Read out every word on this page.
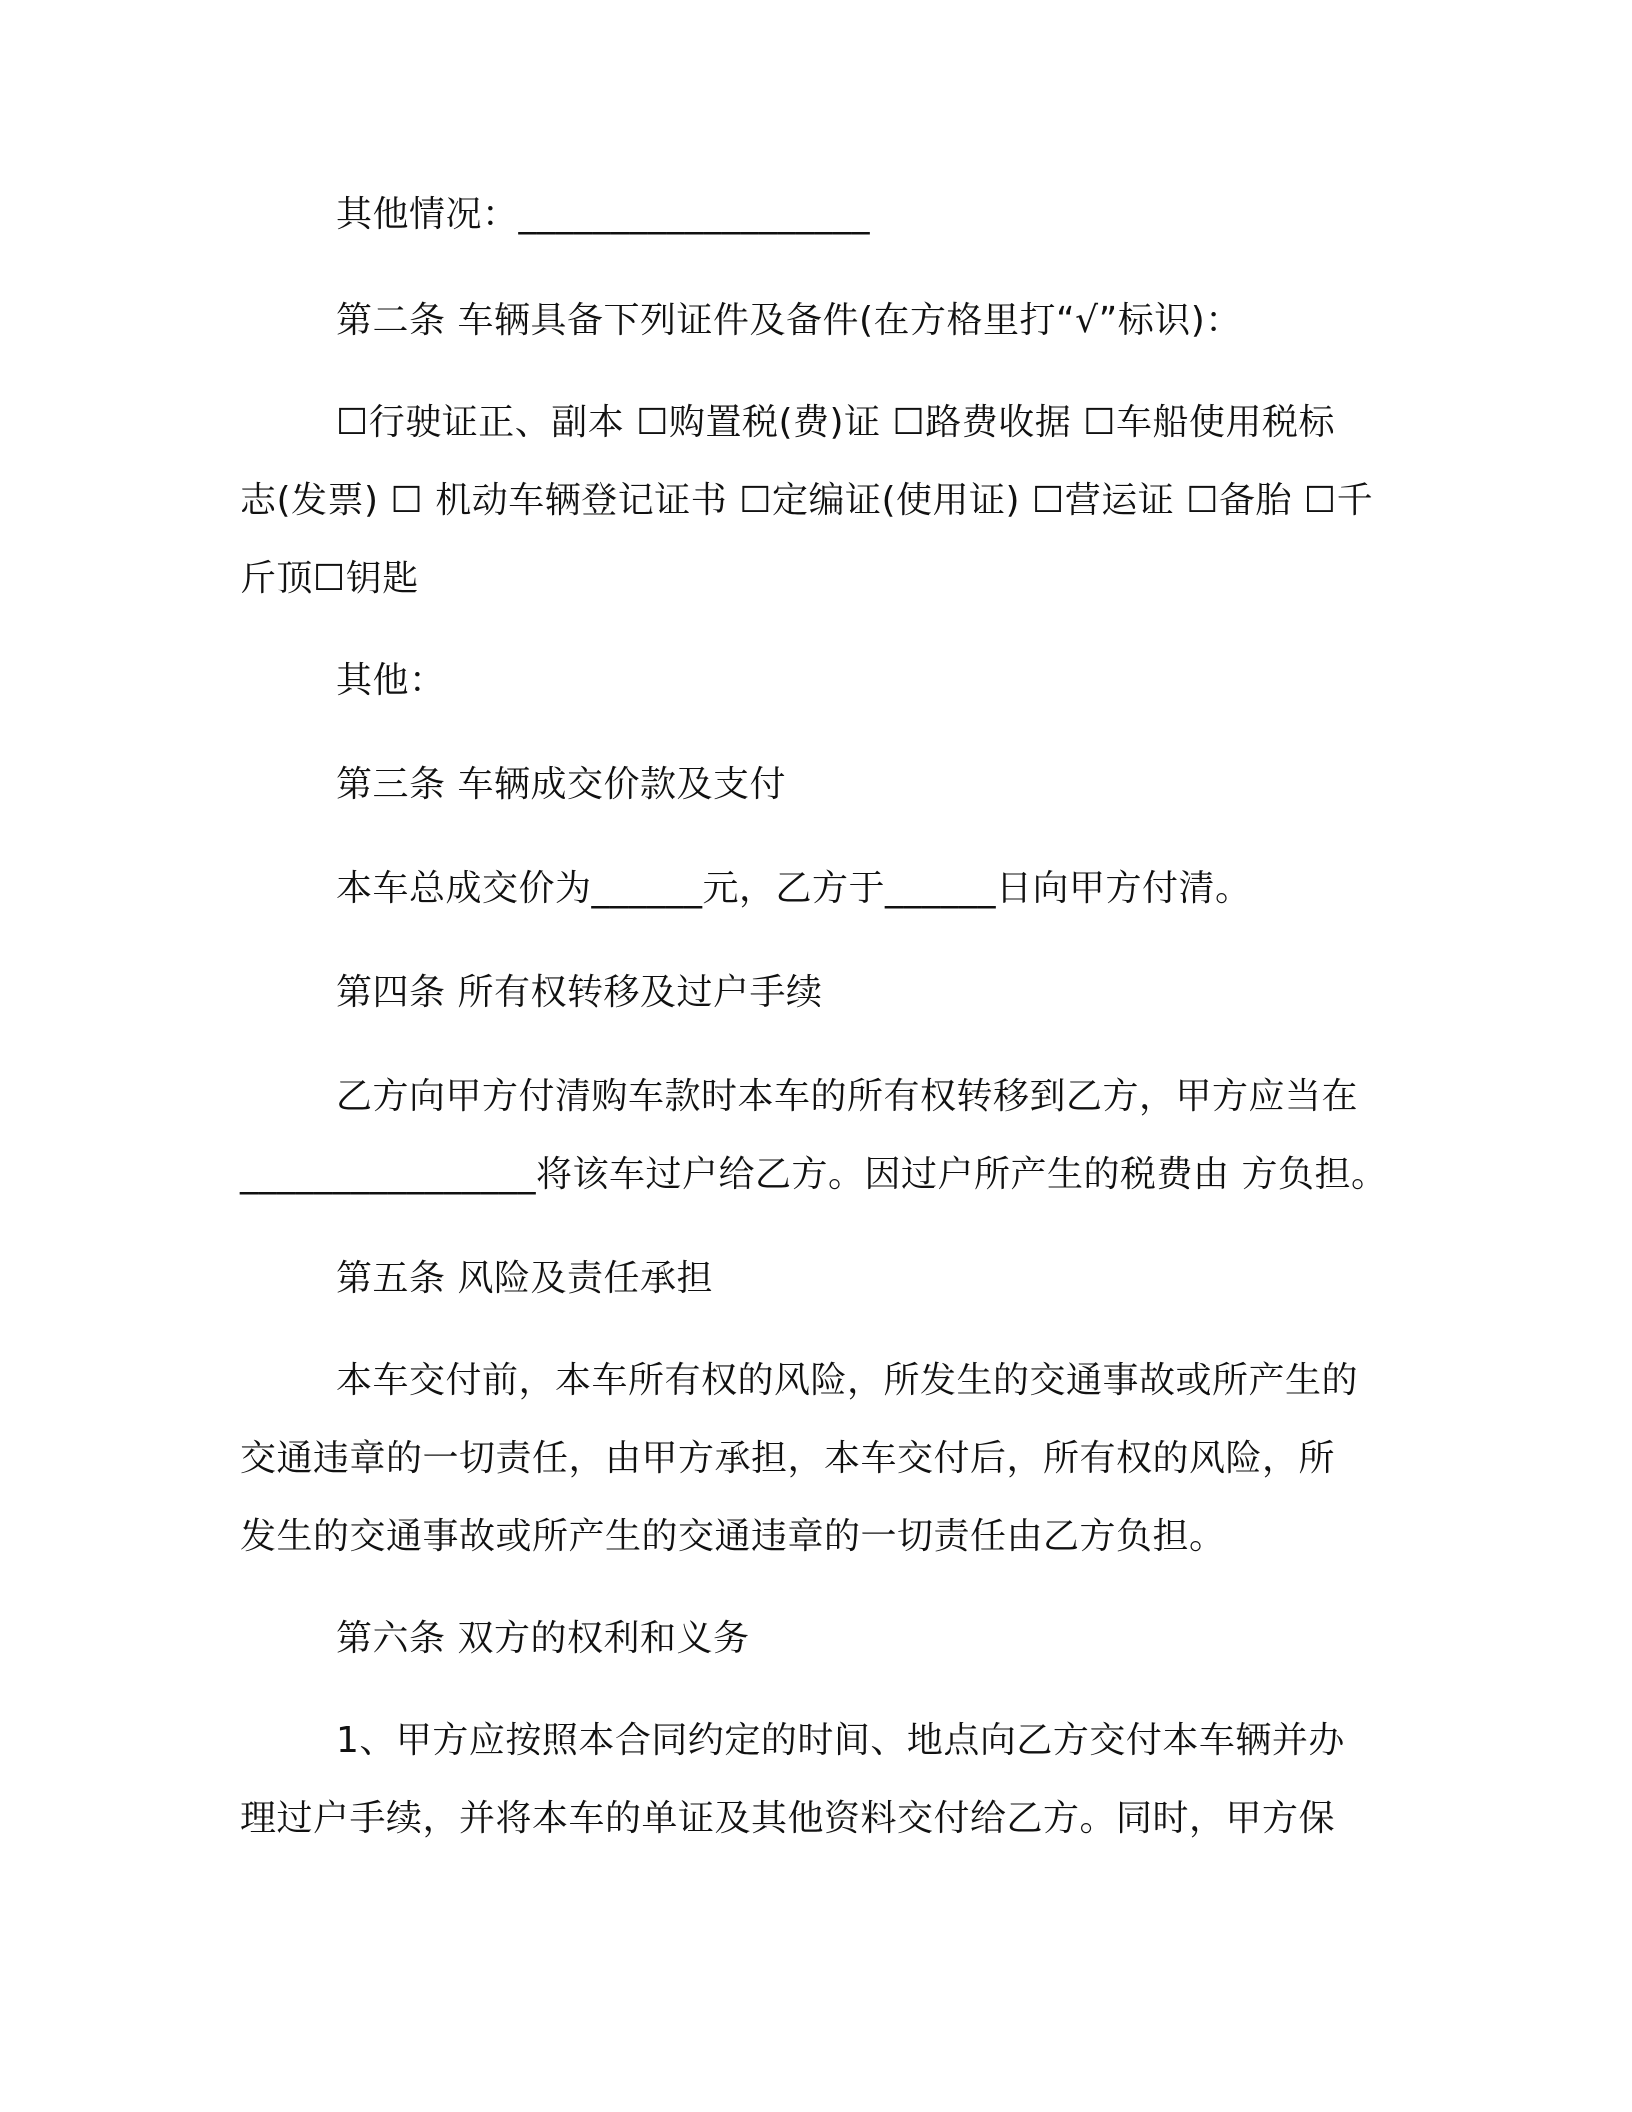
其他情况：___________________
第二条 车辆具备下列证件及备件(在方格里打“√”标识)：
☐行驶证正、副本 ☐购置税(费)证 ☐路费收据 ☐车船使用税标
志(发票) ☐ 机动车辆登记证书 ☐定编证(使用证) ☐营运证 ☐备胎 ☐千
斤顶☐钥匙
其他：
第三条 车辆成交价款及支付
本车总成交价为______元，乙方于______日向甲方付清。
第四条 所有权转移及过户手续
乙方向甲方付清购车款时本车的所有权转移到乙方，甲方应当在
________________将该车过户给乙方。因过户所产生的税费由 方负担。
第五条 风险及责任承担
本车交付前，本车所有权的风险，所发生的交通事故或所产生的
交通违章的一切责任，由甲方承担，本车交付后，所有权的风险，所
发生的交通事故或所产生的交通违章的一切责任由乙方负担。
第六条 双方的权利和义务
1、甲方应按照本合同约定的时间、地点向乙方交付本车辆并办
理过户手续，并将本车的单证及其他资料交付给乙方。同时，甲方保
